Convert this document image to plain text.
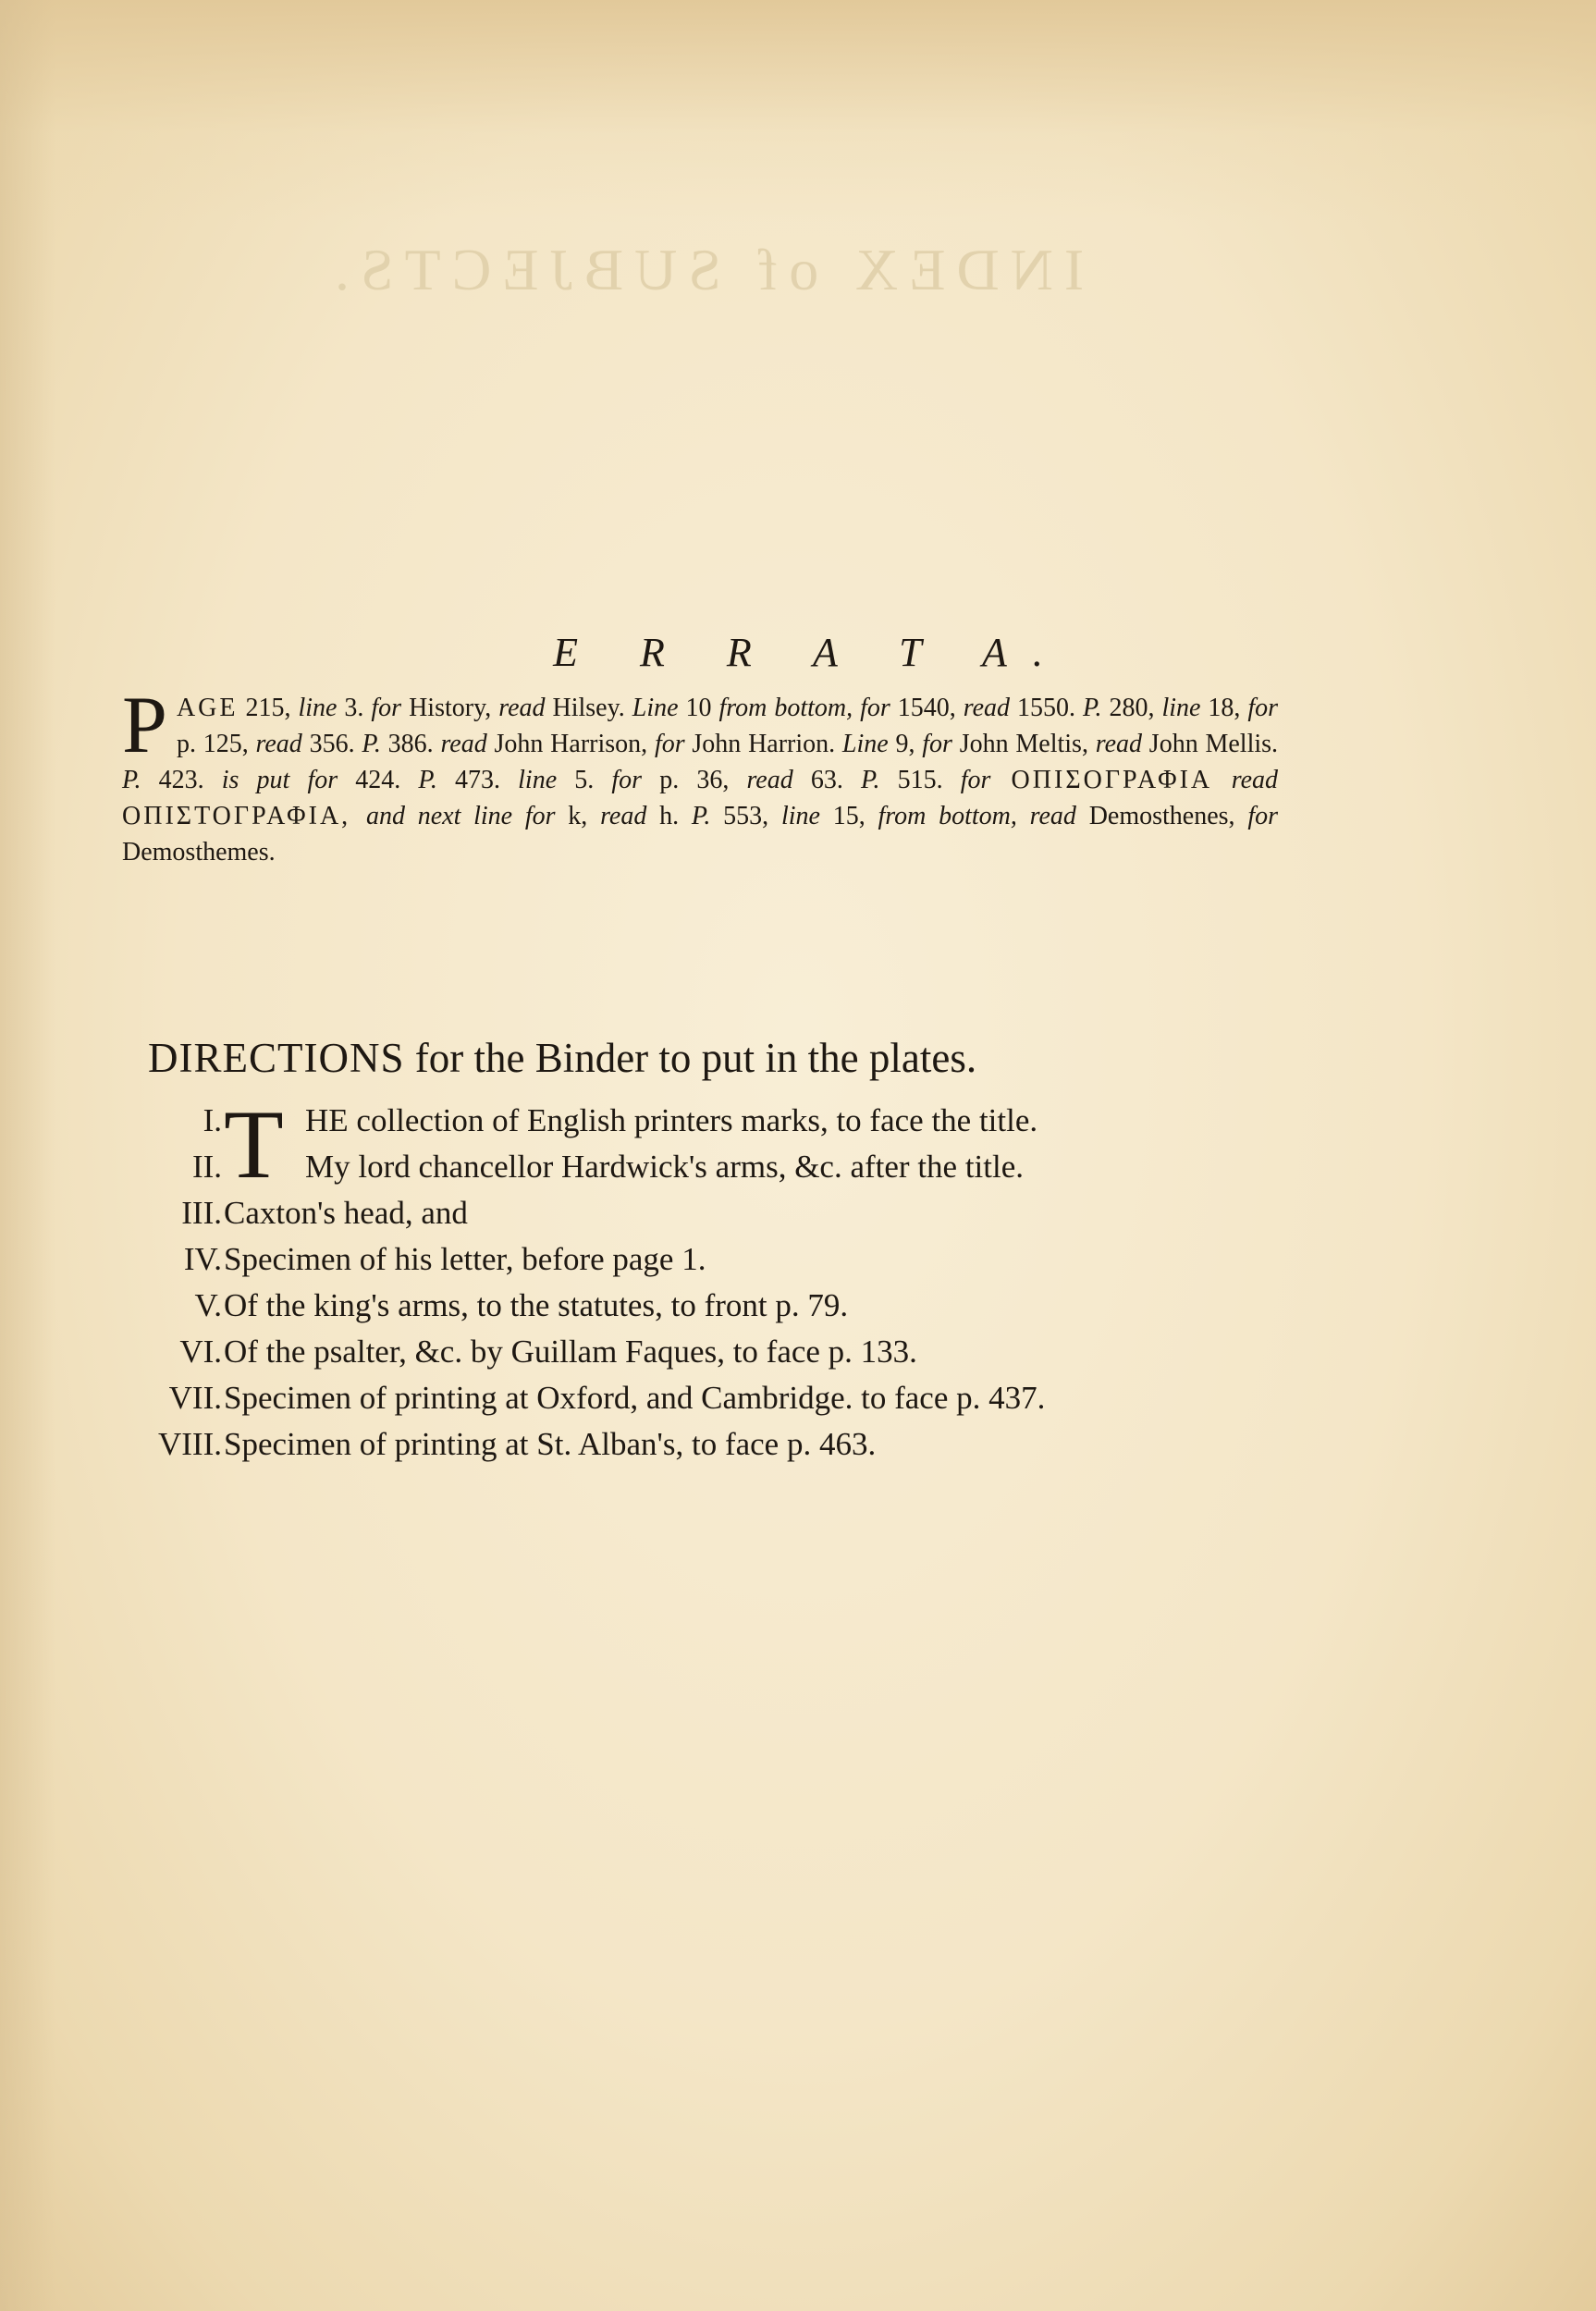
INDEX of SUBJECTS.
E R R A T A.
P AGE 215, line 3. for History, read Hilsey. Line 10 from bottom, for 1540, read 1550. P. 280, line 18, for p. 125, read 356. P. 386. read John Harrison, for John Harrion. Line 9, for John Meltis, read John Mellis. P. 423. is put for 424. P. 473. line 5. for p. 36, read 63. P. 515. for ΟΠΙΣΟΓΡΑΦΙΑ read ΟΠΙΣΤΟΓΡΑΦΙΑ, and next line for k, read h. P. 553, line 15, from bottom, read Demosthenes, for Demosthemes.
DIRECTIONS for the Binder to put in the plates.
I.	HE collection of English printers marks, to face the title.
T
II.	My lord chancellor Hardwick's arms, &c. after the title.
III. Caxton's head, and
IV. Specimen of his letter, before page 1.
V. Of the king's arms, to the statutes, to front p. 79.
VI. Of the psalter, &c. by Guillam Faques, to face p. 133.
VII. Specimen of printing at Oxford, and Cambridge. to face p. 437.
VIII. Specimen of printing at St. Alban's, to face p. 463.
